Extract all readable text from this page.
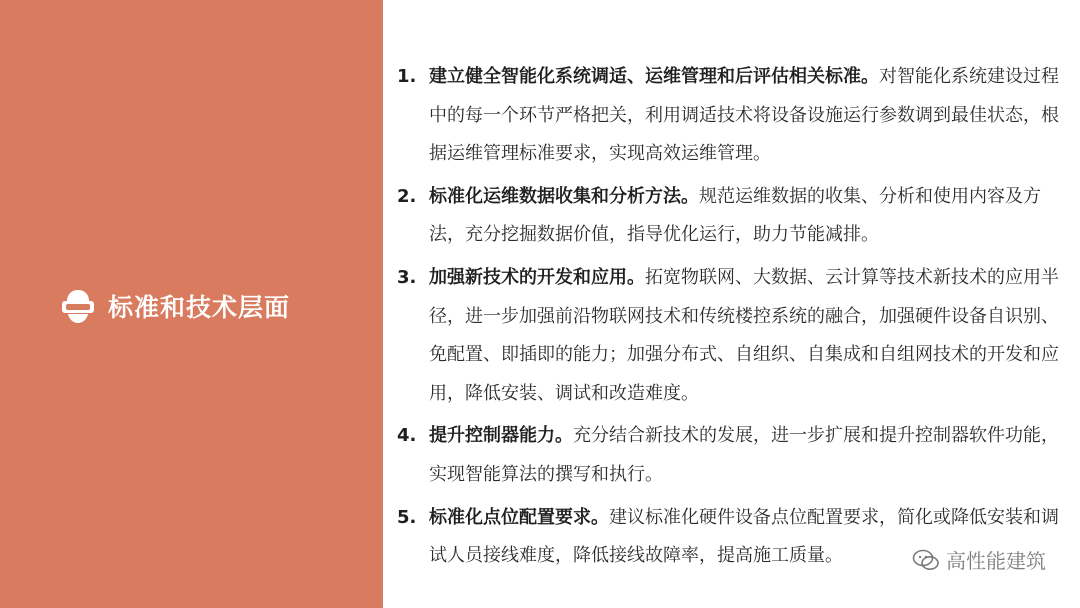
标准和技术层面
1. 建立健全智能化系统调适、运维管理和后评估相关标准。对智能化系统建设过程中的每一个环节严格把关，利用调适技术将设备设施运行参数调到最佳状态，根据运维管理标准要求，实现高效运维管理。
2. 标准化运维数据收集和分析方法。规范运维数据的收集、分析和使用内容及方法，充分挖掘数据价值，指导优化运行，助力节能减排。
3. 加强新技术的开发和应用。拓宽物联网、大数据、云计算等技术新技术的应用半径，进一步加强前沿物联网技术和传统楼控系统的融合，加强硬件设备自识别、免配置、即插即的能力；加强分布式、自组织、自集成和自组网技术的开发和应用，降低安装、调试和改造难度。
4. 提升控制器能力。充分结合新技术的发展，进一步扩展和提升控制器软件功能，实现智能算法的撰写和执行。
5. 标准化点位配置要求。建议标准化硬件设备点位配置要求，简化或降低安装和调试人员接线难度，降低接线故障率，提高施工质量。	高性能建筑
